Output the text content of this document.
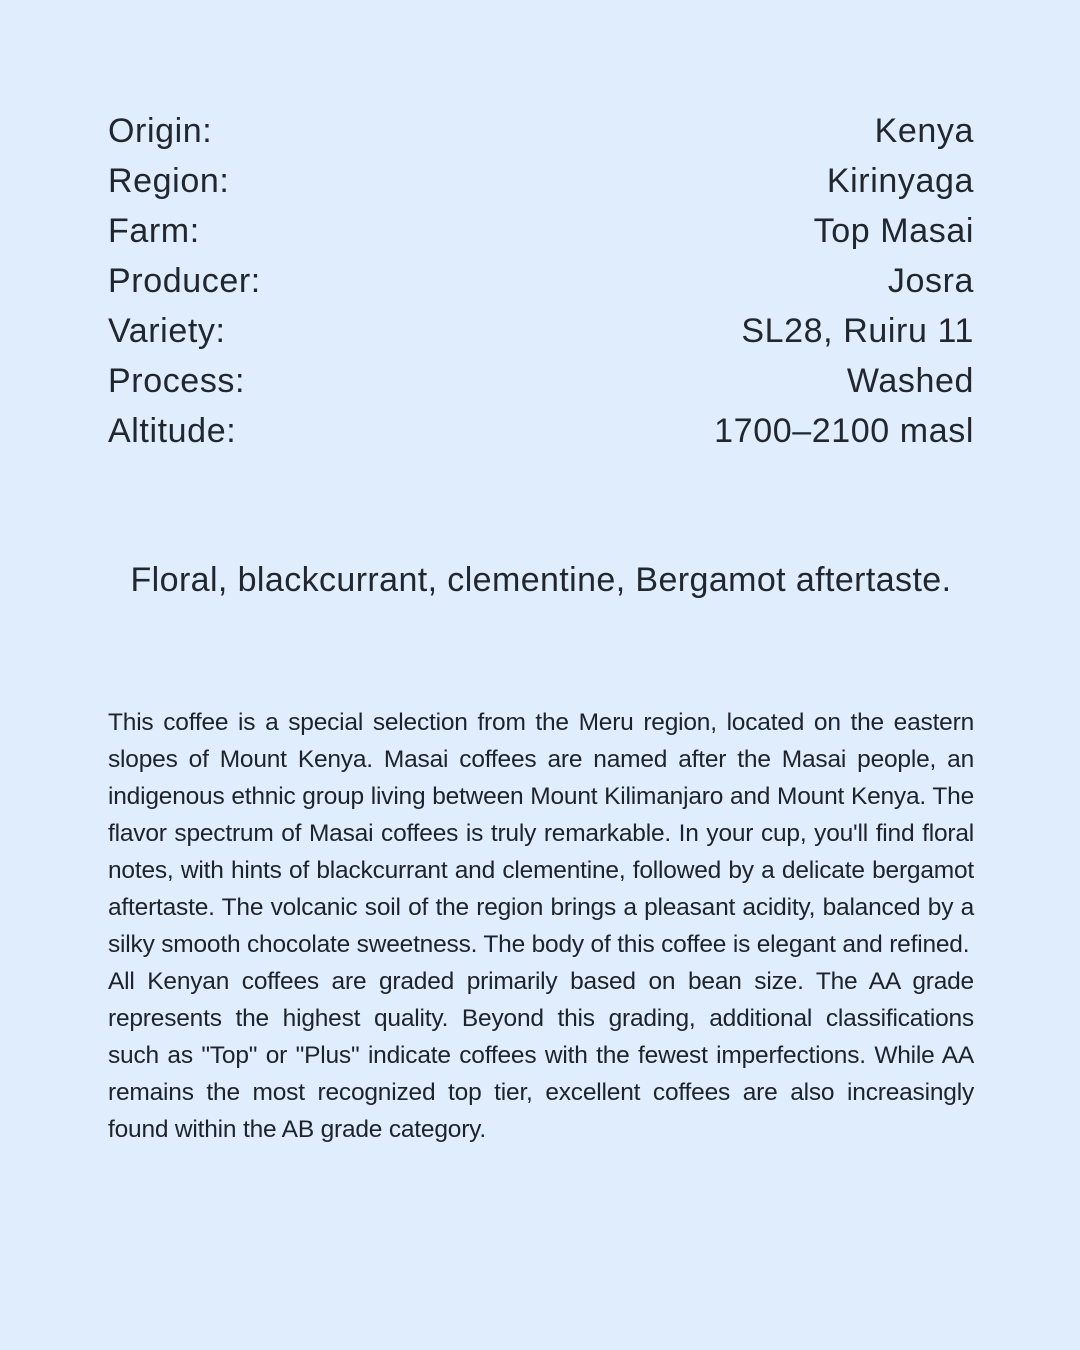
Origin:	Kenya
Region:	Kirinyaga
Farm:	Top Masai
Producer:	Josra
Variety:	SL28, Ruiru 11
Process:	Washed
Altitude:	1700–2100 masl

Floral, blackcurrant, clementine, Bergamot aftertaste.

This coffee is a special selection from the Meru region, located on the eastern slopes of Mount Kenya. Masai coffees are named after the Masai people, an indigenous ethnic group living between Mount Kilimanjaro and Mount Kenya. The flavor spectrum of Masai coffees is truly remarkable. In your cup, you'll find floral notes, with hints of blackcurrant and clementine, followed by a delicate bergamot aftertaste. The volcanic soil of the region brings a pleasant acidity, balanced by a silky smooth chocolate sweetness. The body of this coffee is elegant and refined.

All Kenyan coffees are graded primarily based on bean size. The AA grade represents the highest quality. Beyond this grading, additional classifications such as "Top" or "Plus" indicate coffees with the fewest imperfections. While AA remains the most recognized top tier, excellent coffees are also increasingly found within the AB grade category.
